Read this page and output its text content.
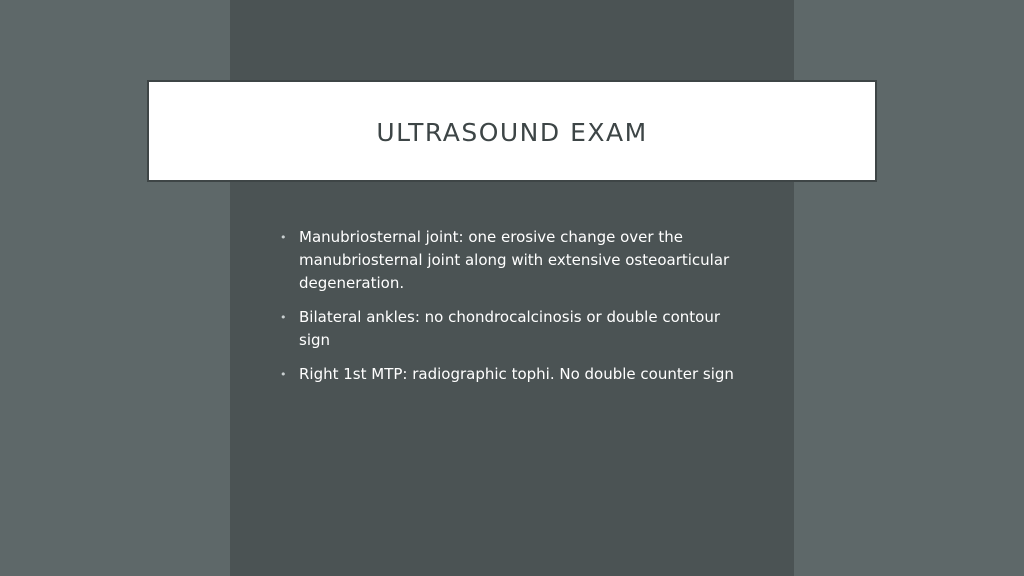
ULTRASOUND EXAM
• Manubriosternal joint: one erosive change over the manubriosternal joint along with extensive osteoarticular degeneration.
• Bilateral ankles: no chondrocalcinosis or double contour sign
• Right 1st MTP: radiographic tophi. No double counter sign
